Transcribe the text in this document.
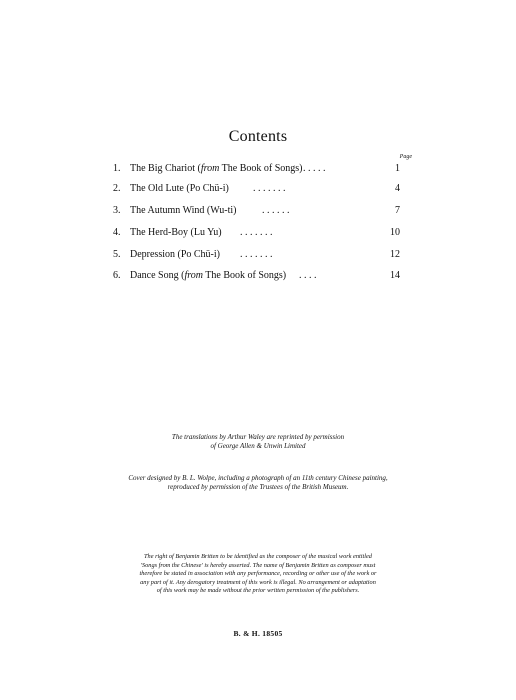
Contents
Page
1. The Big Chariot (from The Book of Songs) . . . . .	1
2. The Old Lute (Po Chü-i) . . . . . . .	4
3. The Autumn Wind (Wu-ti)	. . . . . .	7
4. The Herd-Boy (Lu Yu) . . . . . . .	10
5. Depression (Po Chü-i) . . . . . . .	12
6. Dance Song (from The Book of Songs) . . . .	14
The translations by Arthur Waley are reprinted by permission
of George Allen & Unwin Limited
Cover designed by B. L. Wolpe, including a photograph of an 11th century Chinese painting,
reproduced by permission of the Trustees of the British Museum.
The right of Benjamin Britten to be identified as the composer of the musical work entitled
'Songs from the Chinese' is hereby asserted. The name of Benjamin Britten as composer must
therefore be stated in association with any performance, recording or other use of the work or
any part of it. Any derogatory treatment of this work is illegal. No arrangement or adaptation
of this work may be made without the prior written permission of the publishers.
B. & H. 18505
